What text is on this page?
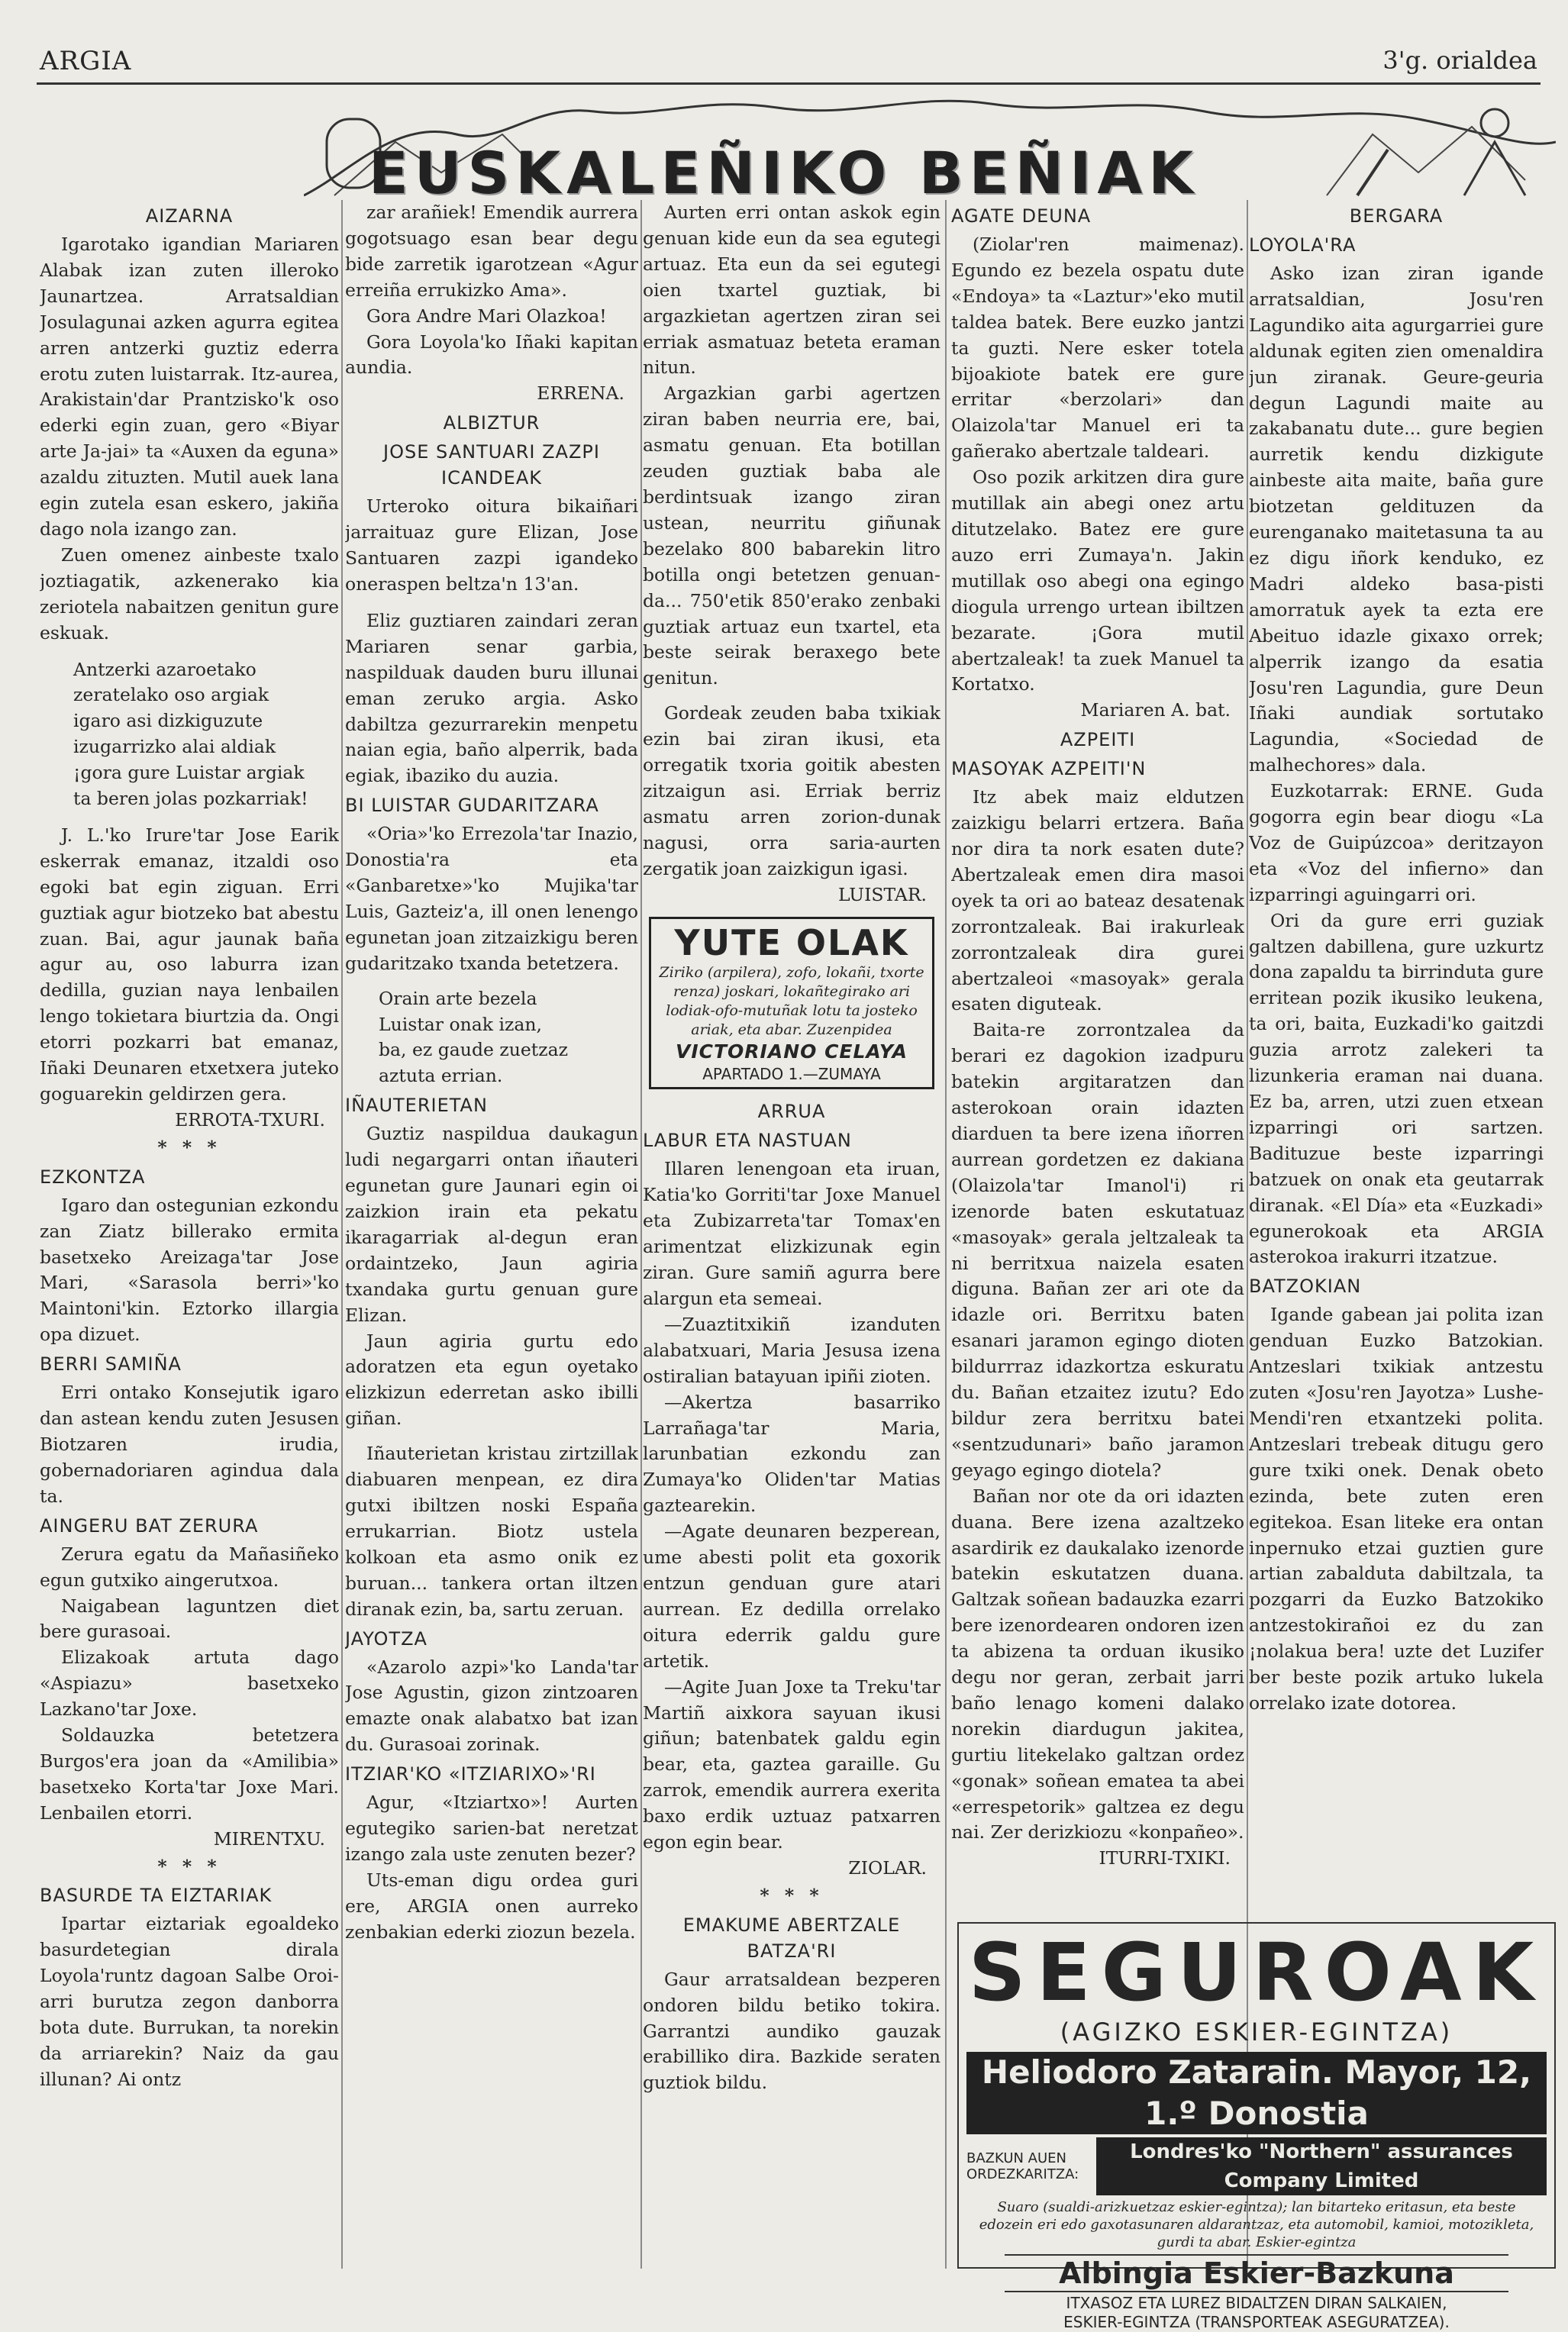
ARGIA	3'g. orialdea
EUSKALEÑIKO BEÑIAK
AIZARNA

Igarotako igandian Mariaren Alabak izan zuten illeroko Jaunartzea. Arratsaldian Josulagunai azken agurra egitea arren antzerki guztiz ederra erotu zuten luistarrak. Itz-aurea, Arakistain'dar Prantzisko'k oso ederki egin zuan, gero «Biyar arte Ja-jai» ta «Auxen da eguna» azaldu zituzten. Mutil auek lana egin zutela esan eskero, jakiña dago nola izango zan.

Zuen omenez ainbeste txalo joztiagatik, azkenerako kia zeriotela nabaitzen genitun gure eskuak.

Antzerki azaroetako

zeratelako oso argiak

igaro asi dizkiguzute

izugarrizko alai aldiak

¡gora gure Luistar argiak

ta beren jolas pozkarriak!

J. L.'ko Irure'tar Jose Earik eskerrak emanaz, itzaldi oso egoki bat egin ziguan. Erri guztiak agur biotzeko bat abestu zuan. Bai, agur jaunak baña agur au, oso laburra izan dedilla, guzian naya lenbailen lengo tokietara biurtzia da. Ongi etorri pozkarri bat emanaz, Iñaki Deunaren etxetxera juteko goguarekin geldirzen gera.

ERROTA-TXURI.

* * *

EZKONTZA

Igaro dan ostegunian ezkondu zan Ziatz billerako ermita basetxeko Areizaga'tar Jose Mari, «Sarasola berri»'ko Maintoni'kin. Eztorko illargia opa dizuet.

BERRI SAMIÑA

Erri ontako Konsejutik igaro dan astean kendu zuten Jesusen Biotzaren irudia, gobernadoriaren agindua dala ta.

AINGERU BAT ZERURA

Zerura egatu da Mañasiñeko egun gutxiko aingerutxoa.

Naigabean laguntzen diet bere gurasoai.

Elizakoak artuta dago «Aspiazu» basetxeko Lazkano'tar Joxe.

Soldauzka betetzera Burgos'era joan da «Amilibia» basetxeko Korta'tar Joxe Mari. Lenbailen etorri.

MIRENTXU.

* * *

BASURDE TA EIZTARIAK

Ipartar eiztariak egoaldeko basurdetegian dirala Loyola'runtz dagoan Salbe Oroi-arri burutza zegon danborra bota dute. Burrukan, ta norekin da arriarekin? Naiz da gau illunan? Ai ontz

zar arañiek! Emendik aurrera gogotsuago esan bear degu bide zarretik igarotzean «Agur erreiña errukizko Ama».

Gora Andre Mari Olazkoa!

Gora Loyola'ko Iñaki kapitan aundia.

ERRENA.

ALBIZTUR
JOSE SANTUARI ZAZPI ICANDEAK

Urteroko oitura bikaiñari jarraituaz gure Elizan, Jose Santuaren zazpi igandeko oneraspen beltza'n 13'an.

Eliz guztiaren zaindari zeran Mariaren senar garbia, naspilduak dauden buru illunai eman zeruko argia. Asko dabiltza gezurrarekin menpetu naian egia, baño alperrik, bada egiak, ibaziko du auzia.

BI LUISTAR GUDARITZARA

«Oria»'ko Errezola'tar Inazio, Donostia'ra eta «Ganbaretxe»'ko Mujika'tar Luis, Gazteiz'a, ill onen lenengo egunetan joan zitzaizkigu beren gudaritzako txanda betetzera.

Orain arte bezela

Luistar onak izan,

ba, ez gaude zuetzaz

aztuta errian.

IÑAUTERIETAN

Guztiz naspildua daukagun ludi negargarri ontan iñauteri egunetan gure Jaunari egin oi zaizkion irain eta pekatu ikaragarriak al-degun eran ordaintzeko, Jaun agiria txandaka gurtu genuan gure Elizan.

Jaun agiria gurtu edo adoratzen eta egun oyetako elizkizun ederretan asko ibilli giñan.

Iñauterietan kristau zirtzillak diabuaren menpean, ez dira gutxi ibiltzen noski España errukarrian. Biotz ustela kolkoan eta asmo onik ez buruan... tankera ortan iltzen diranak ezin, ba, sartu zeruan.

JAYOTZA

«Azarolo azpi»'ko Landa'tar Jose Agustin, gizon zintzoaren emazte onak alabatxo bat izan du. Gurasoai zorinak.

ITZIAR'KO «ITZIARIXO»'RI

Agur, «Itziartxo»! Aurten egutegiko sarien-bat neretzat izango zala uste zenuten bezer?

Uts-eman digu ordea guri ere, ARGIA onen aurreko zenbakian ederki ziozun bezela.

Aurten erri ontan askok egin genuan kide eun da sea egutegi artuaz. Eta eun da sei egutegi oien txartel guztiak, bi argazkietan agertzen ziran sei erriak asmatuaz beteta eraman nitun.

Argazkian garbi agertzen ziran baben neurria ere, bai, asmatu genuan. Eta botillan zeuden guztiak baba ale berdintsuak izango ziran ustean, neurritu giñunak bezelako 800 babarekin litro botilla ongi betetzen genuan-da... 750'etik 850'erako zenbaki guztiak artuaz eun txartel, eta beste seirak beraxego bete genitun.

Gordeak zeuden baba txikiak ezin bai ziran ikusi, eta orregatik txoria goitik abesten zitzaigun asi. Erriak berriz asmatu arren zorion-dunak nagusi, orra saria-aurten zergatik joan zaizkigun igasi.

LUISTAR.

YUTE OLAK
Ziriko (arpilera), zofo, lokañi, txorte renza) joskari, lokañtegirako ari lodiak-ofo-mutuñak lotu ta josteko ariak, eta abar. Zuzenpidea
VICTORIANO CELAYA
APARTADO 1.—ZUMAYA
ARRUA
LABUR ETA NASTUAN

Illaren lenengoan eta iruan, Katia'ko Gorriti'tar Joxe Manuel eta Zubizarreta'tar Tomax'en arimentzat elizkizunak egin ziran. Gure samiñ agurra bere alargun eta semeai.

—Zuaztitxikiñ izanduten alabatxuari, Maria Jesusa izena ostiralian batayuan ipiñi zioten.

—Akertza basarriko Larrañaga'tar Maria, larunbatian ezkondu zan Zumaya'ko Oliden'tar Matias gaztearekin.

—Agate deunaren bezperean, ume abesti polit eta goxorik entzun genduan gure atari aurrean. Ez dedilla orrelako oitura ederrik galdu gure artetik.

—Agite Juan Joxe ta Treku'tar Martiñ aixkora sayuan ikusi giñun; batenbatek galdu egin bear, eta, gaztea garaille. Gu zarrok, emendik aurrera exerita baxo erdik uztuaz patxarren egon egin bear.

ZIOLAR.

* * *

EMAKUME ABERTZALE BATZA'RI

Gaur arratsaldean bezperen ondoren bildu betiko tokira. Garrantzi aundiko gauzak erabilliko dira. Bazkide seraten guztiok bildu.

AGATE DEUNA

(Ziolar'ren maimenaz). Egundo ez bezela ospatu dute «Endoya» ta «Laztur»'eko mutil taldea batek. Bere euzko jantzi ta guzti. Nere esker totela bijoakiote batek ere gure erritar «berzolari» dan Olaizola'tar Manuel eri ta gañerako abertzale taldeari.

Oso pozik arkitzen dira gure mutillak ain abegi onez artu ditutzelako. Batez ere gure auzo erri Zumaya'n. Jakin mutillak oso abegi ona egingo diogula urrengo urtean ibiltzen bezarate. ¡Gora mutil abertzaleak! ta zuek Manuel ta Kortatxo.

Mariaren A. bat.

AZPEITI
MASOYAK AZPEITI'N

Itz abek maiz eldutzen zaizkigu belarri ertzera. Baña nor dira ta nork esaten dute? Abertzaleak emen dira masoi oyek ta ori ao bateaz desatenak zorrontzaleak. Bai irakurleak zorrontzaleak dira gurei abertzaleoi «masoyak» gerala esaten diguteak.

Baita-re zorrontzalea da berari ez dagokion izadpuru batekin argitaratzen dan asterokoan orain idazten diarduen ta bere izena iñorren aurrean gordetzen ez dakiana (Olaizola'tar Imanol'i) ri izenorde baten eskutatuaz «masoyak» gerala jeltzaleak ta ni berritxua naizela esaten diguna. Bañan zer ari ote da idazle ori. Berritxu baten esanari jaramon egingo dioten bildurrraz idazkortza eskuratu du. Bañan etzaitez izutu? Edo bildur zera berritxu batei «sentzudunari» baño jaramon geyago egingo diotela?

Bañan nor ote da ori idazten duana. Bere izena azaltzeko asardirik ez daukalako izenorde batekin eskutatzen duana. Galtzak soñean badauzka ezarri bere izenordearen ondoren izen ta abizena ta orduan ikusiko degu nor geran, zerbait jarri baño lenago komeni dalako norekin diardugun jakitea, gurtiu litekelako galtzan ordez «gonak» soñean ematea ta abei «errespetorik» galtzea ez degu nai. Zer derizkiozu «konpañeo».

ITURRI-TXIKI.

BERGARA
LOYOLA'RA

Asko izan ziran igande arratsaldian, Josu'ren Lagundiko aita agurgarriei gure aldunak egiten zien omenaldira jun ziranak. Geure-geuria degun Lagundi maite au zakabanatu dute... gure begien aurretik kendu dizkigute ainbeste aita maite, baña gure biotzetan geldituzen da eurenganako maitetasuna ta au ez digu iñork kenduko, ez Madri aldeko basa-pisti amorratuk ayek ta ezta ere Abeituo idazle gixaxo orrek; alperrik izango da esatia Josu'ren Lagundia, gure Deun Iñaki aundiak sortutako Lagundia, «Sociedad de malhechores» dala.

Euzkotarrak: ERNE. Guda gogorra egin bear diogu «La Voz de Guipúzcoa» deritzayon eta «Voz del infierno» dan izparringi aguingarri ori.

Ori da gure erri guziak galtzen dabillena, gure uzkurtz dona zapaldu ta birrinduta gure erritean pozik ikusiko leukena, ta ori, baita, Euzkadi'ko gaitzdi guzia arrotz zalekeri ta lizunkeria eraman nai duana. Ez ba, arren, utzi zuen etxean izparringi ori sartzen. Badituzue beste izparringi batzuek on onak eta geutarrak diranak. «El Día» eta «Euzkadi» egunerokoak eta ARGIA asterokoa irakurri itzatzue.

BATZOKIAN

Igande gabean jai polita izan genduan Euzko Batzokian. Antzeslari txikiak antzestu zuten «Josu'ren Jayotza» Lushe-Mendi'ren etxantzeki polita. Antzeslari trebeak ditugu gero gure txiki onek. Denak obeto ezinda, bete zuten eren egitekoa. Esan liteke era ontan inpernuko etzai guztien gure artian zabalduta dabiltzala, ta pozgarri da Euzko Batzokiko antzestokirañoi ez du zan ¡nolakua bera! uzte det Luzifer ber beste pozik artuko lukela orrelako izate dotorea.

SEGUROAK
(AGIZKO ESKIER-EGINTZA)
Heliodoro Zatarain. Mayor, 12, 1.º Donostia
BAZKUN AUEN
ORDEZKARITZA:
Londres'ko "Northern" assurances Company Limited
Suaro (sualdi-arizkuetzaz eskier-egintza); lan bitarteko eritasun, eta beste edozein eri edo gaxotasunaren aldarantzaz, eta automobil, kamioi, motozikleta, gurdi ta abar. Eskier-egintza
Albingia Eskier-Bazkuna
ITXASOZ ETA LUREZ BIDALTZEN DIRAN SALKAIEN,
ESKIER-EGINTZA (TRANSPORTEAK ASEGURATZEA).
